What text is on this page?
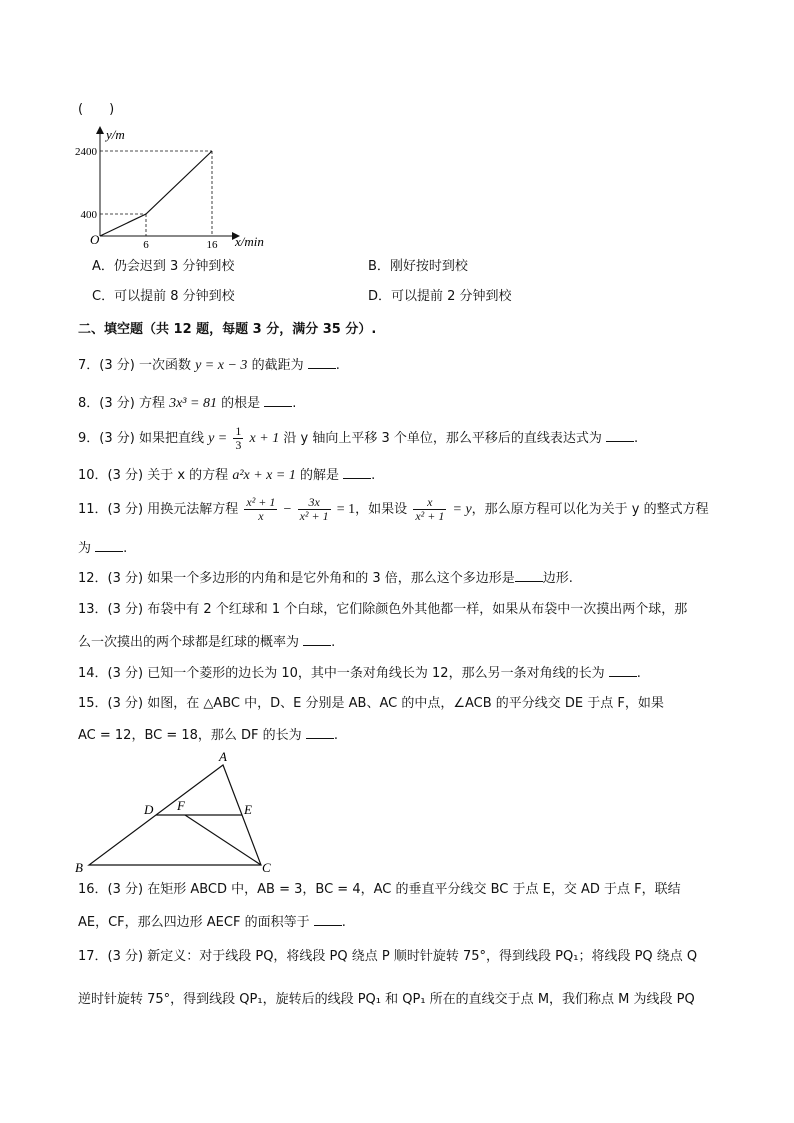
(　　)
y/m
x/min
O
2400
400
6	16
A．仍会迟到 3 分钟到校	B．刚好按时到校
C．可以提前 8 分钟到校	D．可以提前 2 分钟到校
二、填空题（共 12 题，每题 3 分，满分 35 分）.
7．(3 分) 一次函数 y = x − 3 的截距为 .
8．(3 分) 方程 3x³ = 81 的根是 .
9．(3 分) 如果把直线 $y = \frac{1}{3}$ x + 1 沿 y 轴向上平移 3 个单位，那么平移后的直线表达式为 .
10．(3 分) 关于 x 的方程 a²x + x = 1 的解是 .
11．(3 分) 用换元法解方程 $\frac{\text{x² + 1}}{x} - \frac{3x}{\text{x² + 1}} = 1$，如果设 $\frac{x}{\text{x² + 1}} = y$，那么原方程可以化为关于 y 的整式方程
为 .
12．(3 分) 如果一个多边形的内角和是它外角和的 3 倍，那么这个多边形是 边形.
13．(3 分) 布袋中有 2 个红球和 1 个白球，它们除颜色外其他都一样，如果从布袋中一次摸出两个球，那
么一次摸出的两个球都是红球的概率为 .
14．(3 分) 已知一个菱形的边长为 10，其中一条对角线长为 12，那么另一条对角线的长为 .
15．(3 分) 如图，在 △ABC 中，D、E 分别是 AB、AC 的中点，∠ACB 的平分线交 DE 于点 F，如果
AC = 12，BC = 18，那么 DF 的长为 .
A
B	C
D	E
F
16．(3 分) 在矩形 ABCD 中，AB = 3，BC = 4，AC 的垂直平分线交 BC 于点 E，交 AD 于点 F，联结
AE，CF，那么四边形 AECF 的面积等于 .
17．(3 分) 新定义：对于线段 PQ，将线段 PQ 绕点 P 顺时针旋转 75°，得到线段 PQ₁；将线段 PQ 绕点 Q
逆时针旋转 75°，得到线段 QP₁，旋转后的线段 PQ₁ 和 QP₁ 所在的直线交于点 M，我们称点 M 为线段 PQ
